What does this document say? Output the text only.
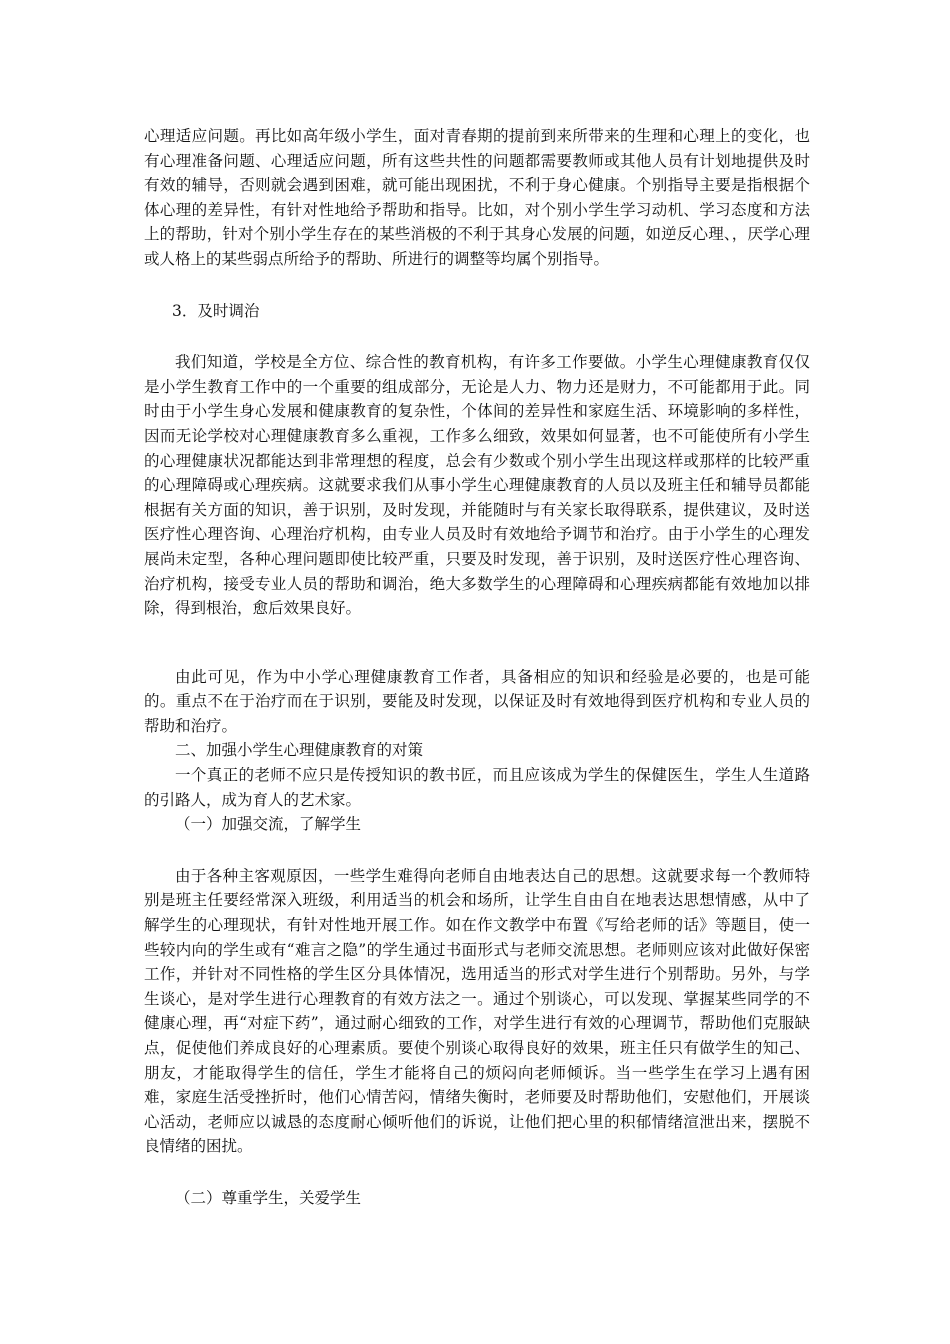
心理适应问题。再比如高年级小学生，面对青春期的提前到来所带来的生理和心理上的变化，也有心理准备问题、心理适应问题，所有这些共性的问题都需要教师或其他人员有计划地提供及时有效的辅导，否则就会遇到困难，就可能出现困扰，不利于身心健康。个别指导主要是指根据个体心理的差异性，有针对性地给予帮助和指导。比如，对个别小学生学习动机、学习态度和方法上的帮助，针对个别小学生存在的某些消极的不利于其身心发展的问题，如逆反心理、，厌学心理或人格上的某些弱点所给予的帮助、所进行的调整等均属个别指导。

3．及时调治

我们知道，学校是全方位、综合性的教育机构，有许多工作要做。小学生心理健康教育仅仅是小学生教育工作中的一个重要的组成部分，无论是人力、物力还是财力，不可能都用于此。同时由于小学生身心发展和健康教育的复杂性，个体间的差异性和家庭生活、环境影响的多样性，因而无论学校对心理健康教育多么重视，工作多么细致，效果如何显著，也不可能使所有小学生的心理健康状况都能达到非常理想的程度，总会有少数或个别小学生出现这样或那样的比较严重的心理障碍或心理疾病。这就要求我们从事小学生心理健康教育的人员以及班主任和辅导员都能根据有关方面的知识，善于识别，及时发现，并能随时与有关家长取得联系，提供建议，及时送医疗性心理咨询、心理治疗机构，由专业人员及时有效地给予调节和治疗。由于小学生的心理发展尚未定型，各种心理问题即使比较严重，只要及时发现，善于识别，及时送医疗性心理咨询、治疗机构，接受专业人员的帮助和调治，绝大多数学生的心理障碍和心理疾病都能有效地加以排除，得到根治，愈后效果良好。

由此可见，作为中小学心理健康教育工作者，具备相应的知识和经验是必要的，也是可能的。重点不在于治疗而在于识别，要能及时发现，以保证及时有效地得到医疗机构和专业人员的帮助和治疗。

二、加强小学生心理健康教育的对策

一个真正的老师不应只是传授知识的教书匠，而且应该成为学生的保健医生，学生人生道路的引路人，成为育人的艺术家。

（一）加强交流，了解学生

由于各种主客观原因，一些学生难得向老师自由地表达自己的思想。这就要求每一个教师特别是班主任要经常深入班级，利用适当的机会和场所，让学生自由自在地表达思想情感，从中了解学生的心理现状，有针对性地开展工作。如在作文教学中布置《写给老师的话》等题目，使一些较内向的学生或有“难言之隐”的学生通过书面形式与老师交流思想。老师则应该对此做好保密工作，并针对不同性格的学生区分具体情况，选用适当的形式对学生进行个别帮助。另外，与学生谈心，是对学生进行心理教育的有效方法之一。通过个别谈心，可以发现、掌握某些同学的不健康心理，再“对症下药”，通过耐心细致的工作，对学生进行有效的心理调节，帮助他们克服缺点，促使他们养成良好的心理素质。要使个别谈心取得良好的效果，班主任只有做学生的知己、朋友，才能取得学生的信任，学生才能将自己的烦闷向老师倾诉。当一些学生在学习上遇有困难，家庭生活受挫折时，他们心情苦闷，情绪失衡时，老师要及时帮助他们，安慰他们，开展谈心活动，老师应以诚恳的态度耐心倾听他们的诉说，让他们把心里的积郁情绪渲泄出来，摆脱不良情绪的困扰。

（二）尊重学生，关爱学生
